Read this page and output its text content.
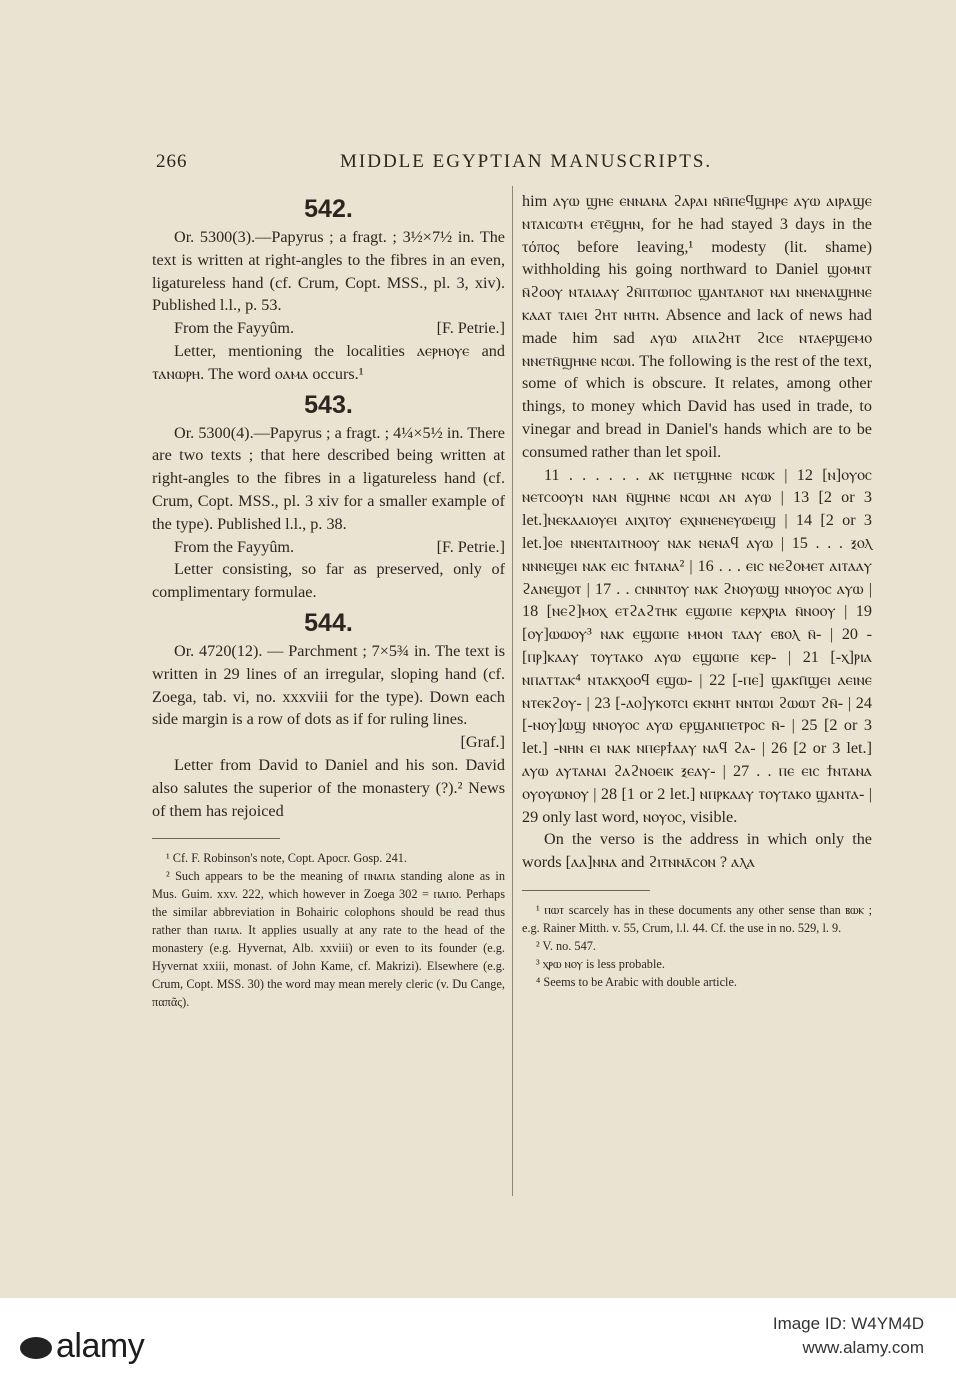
266	MIDDLE EGYPTIAN MANUSCRIPTS.
542.

Or. 5300(3).—Papyrus ; a fragt. ; 3½×7½ in. The text is written at right-angles to the fibres in an even, ligatureless hand (cf. Crum, Copt. MSS., pl. 3, xiv). Published l.l., p. 53.

From the Fayyûm.	[F. Petrie.]

Letter, mentioning the localities ⲁⲉⲣⲏⲟⲩⲉ and ⲧⲁⲛⲱⲣⲏ. The word ⲟⲁⲙⲁ occurs.¹

543.

Or. 5300(4).—Papyrus ; a fragt. ; 4¼×5½ in. There are two texts ; that here described being written at right-angles to the fibres in a ligatureless hand (cf. Crum, Copt. MSS., pl. 3 xiv for a smaller example of the type). Published l.l., p. 38.

From the Fayyûm.	[F. Petrie.]

Letter consisting, so far as preserved, only of complimentary formulae.

544.

Or. 4720(12). — Parchment ; 7×5¾ in. The text is written in 29 lines of an irregular, sloping hand (cf. Zoega, tab. vi, no. xxxviii for the type). Down each side margin is a row of dots as if for ruling lines.

[Graf.]

Letter from David to Daniel and his son. David also salutes the superior of the monastery (?).² News of them has rejoiced

¹ Cf. F. Robinson's note, Copt. Apocr. Gosp. 241.

² Such appears to be the meaning of ⲡⲛⲁⲡⲁ standing alone as in Mus. Guim. xxv. 222, which however in Zoega 302 = ⲡⲁⲡⲟ. Perhaps the similar abbreviation in Bohairic colophons should be read thus rather than ⲡⲁⲡⲁ. It applies usually at any rate to the head of the monastery (e.g. Hyvernat, Alb. xxviii) or even to its founder (e.g. Hyvernat xxiii, monast. of John Kame, cf. Makrizi). Elsewhere (e.g. Crum, Copt. MSS. 30) the word may mean merely cleric (v. Du Cange, παπᾶς).

him ⲁⲩⲱ ϣⲏⲉ ⲉⲛⲛⲁⲛⲁ ϩⲁⲣⲁⲓ ⲛⲛ̄ⲡⲉϥϣⲏⲣⲉ ⲁⲩⲱ ⲁⲓⲣⲁϣⲉ ⲛⲧⲁⲓⲥⲱⲧⲙ ⲉⲧⲉ̄ϣⲏⲛ, for he had stayed 3 days in the τόπος before leaving,¹ modesty (lit. shame) withholding his going northward to Daniel ϣⲟⲙⲛⲧ ⲛ̄ϩⲟⲟⲩ ⲛⲧⲁⲓⲁⲁⲩ ϩⲛ̄ⲡⲧⲱⲡⲟⲥ ϣⲁⲛⲧⲁⲛⲟⲧ ⲛⲁⲓ ⲛⲛⲉⲛⲁϣⲏⲛⲉ ⲕⲁⲁⲧ ⲧⲁⲓⲉⲓ ϩⲏⲧ ⲛⲏⲧⲛ. Absence and lack of news had made him sad ⲁⲩⲱ ⲁⲡⲁϩⲏⲧ ϩⲓⲥⲉ ⲛⲧⲁⲉⲣϣⲉⲙⲟ ⲛⲛⲉⲧⲛ̄ϣⲏⲛⲉ ⲛⲥⲱⲓ. The following is the rest of the text, some of which is obscure. It relates, among other things, to money which David has used in trade, to vinegar and bread in Daniel's hands which are to be consumed rather than let spoil.

11 . . . . . . ⲁⲕ ⲡⲉⲧϣⲏⲛⲉ ⲛⲥⲱⲕ | 12 [ⲛ]ⲟⲩⲟⲥ ⲛⲉⲧⲥⲟⲟⲩⲛ ⲛⲁⲛ ⲛ̄ϣⲏⲛⲉ ⲛⲥⲱⲓ ⲁⲛ ⲁⲩⲱ | 13 [2 or 3 let.]ⲛⲉⲕⲁⲁⲓⲟⲩⲉⲓ ⲁⲓⲭⲓⲧⲟⲩ ⲉⲭⲛⲛⲉⲛⲉⲩⲱⲉⲓϣ | 14 [2 or 3 let.]ⲟⲉ ⲛⲛⲉⲛⲧⲁⲓⲧⲛⲟⲟⲩ ⲛⲁⲕ ⲛⲉⲛⲁϥ ⲁⲩⲱ | 15 . . . ⲝⲟⲗ ⲛⲛⲛⲉϣⲉⲓ ⲛⲁⲕ ⲉⲓⲥ ϯⲛⲧⲁⲛⲁ² | 16 . . . ⲉⲓⲥ ⲛⲉϩⲟⲙⲉⲧ ⲁⲓⲧⲁⲁⲩ ϩⲁⲛⲉϣⲟⲧ | 17 . . ⲥⲛⲛⲛⲧⲟⲩ ⲛⲁⲕ ϩⲛⲟⲩⲱϣ ⲛⲛⲟⲩⲟⲥ ⲁⲩⲱ | 18 [ⲛⲉϩ]ⲙⲟⲭ ⲉⲧϩⲁϩⲧⲏⲕ ⲉϣⲱⲡⲉ ⲕⲉⲣⲭⲣⲓⲁ ⲛ̄ⲛⲟⲟⲩ | 19 [ⲟⲩ]ⲱⲱⲟⲩ³ ⲛⲁⲕ ⲉϣⲱⲡⲉ ⲙⲙⲟⲛ ⲧⲁⲁⲩ ⲉⲃⲟⲗ ⲛ̄- | 20 -[ⲡⲣ]ⲕⲁⲁⲩ ⲧⲟⲩⲧⲁⲕⲟ ⲁⲩⲱ ⲉϣⲱⲡⲉ ⲕⲉⲣ- | 21 [-ⲭ]ⲣⲓⲁ ⲛⲡⲁⲧⲧⲁⲕ⁴ ⲛⲧⲁⲕⲭⲟⲟϥ ⲉϣⲱ- | 22 [-ⲡⲉ] ϣⲁⲕⲡ̄ϣⲉⲓ ⲁⲉⲓⲛⲉ ⲛⲧⲉⲕϩⲟⲩ- | 23 [-ⲁⲟ]ⲩⲕⲟⲧⲥⲓ ⲉⲕⲛⲏⲧ ⲛⲛⲧⲱⲓ ϩⲱⲱⲧ ϩⲛ̄- | 24 [-ⲛⲟⲩ]ⲱϣ ⲛⲛⲟⲩⲟⲥ ⲁⲩⲱ ⲉⲣϣⲁⲛⲡⲉⲧⲣⲟⲥ ⲛ̄- | 25 [2 or 3 let.] -ⲛⲏⲛ ⲉⲓ ⲛⲁⲕ ⲛⲡⲉⲣϯⲁⲁⲩ ⲛⲁϥ ϩⲁ- | 26 [2 or 3 let.] ⲁⲩⲱ ⲁⲩⲧⲁⲛⲁⲓ ϩⲁϩⲛⲟⲉⲓⲕ ⲝⲉⲁⲩ- | 27 . . ⲡⲉ ⲉⲓⲥ ϯⲛⲧⲁⲛⲁ ⲟⲩⲟⲩⲱⲛⲟⲩ | 28 [1 or 2 let.] ⲛⲡⲣⲕⲁⲁⲩ ⲧⲟⲩⲧⲁⲕⲟ ϣⲁⲛⲧⲁ- | 29 only last word, ⲛⲟⲩⲟⲥ, visible.

On the verso is the address in which only the words [ⲁⲁ]ⲛⲛⲁ and ϩⲓⲧⲛⲛⲁ̄ⲥⲟⲛ ? ⲁⲗⲁ

¹ ⲡⲱⲧ scarcely has in these documents any other sense than ⲃⲱⲕ ; e.g. Rainer Mitth. v. 55, Crum, l.l. 44. Cf. the use in no. 529, l. 9.

² V. no. 547.

³ ⲭⲣⲱ ⲛⲟⲩ is less probable.

⁴ Seems to be Arabic with double article.

alamy
Image ID: W4YM4D
www.alamy.com
